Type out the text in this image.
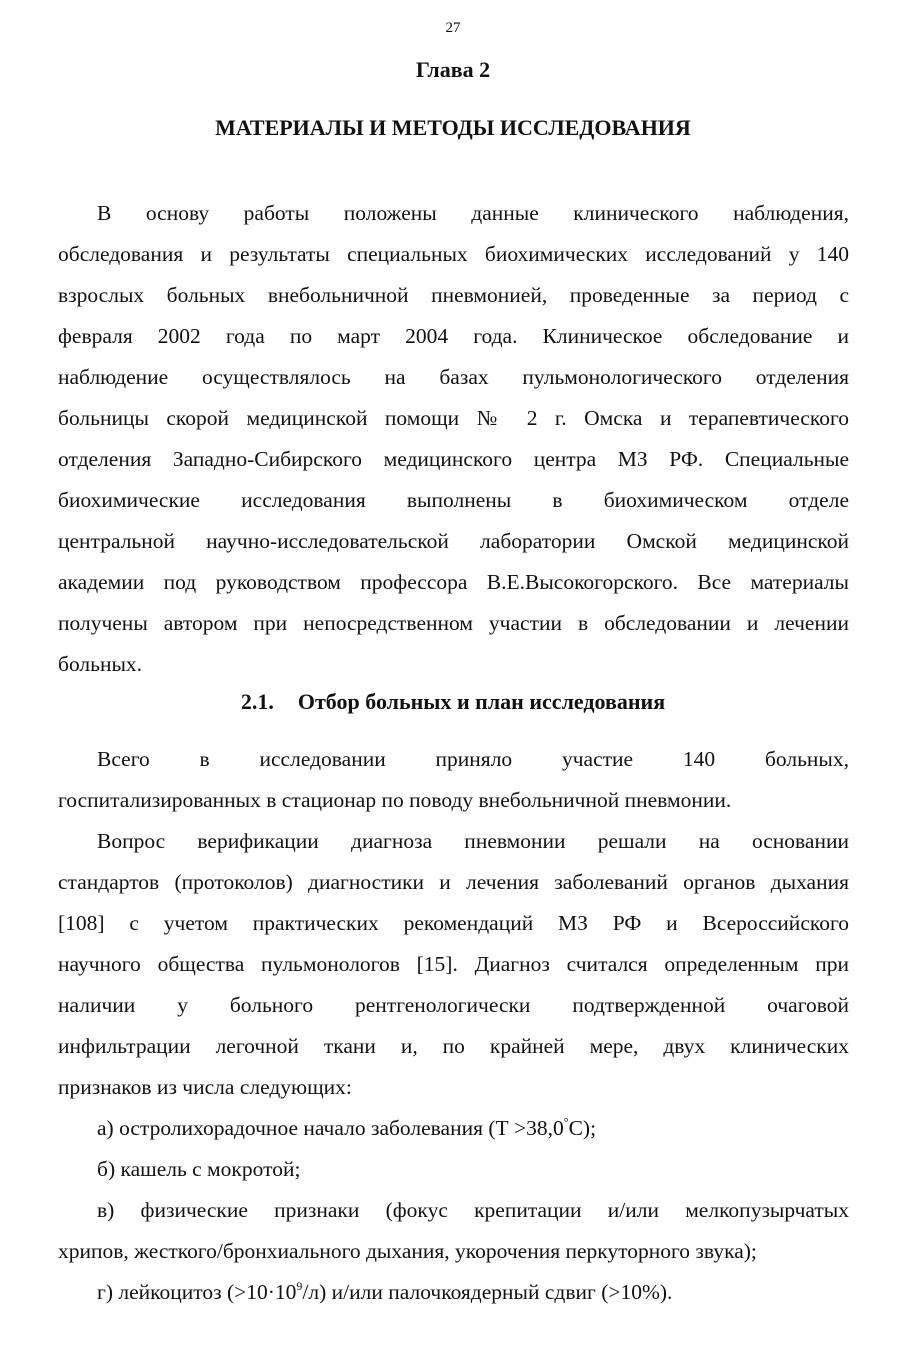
27
Глава 2
МАТЕРИАЛЫ И МЕТОДЫ ИССЛЕДОВАНИЯ
В основу работы положены данные клинического наблюдения,
обследования и результаты специальных биохимических исследований у 140
взрослых больных внебольничной пневмонией, проведенные за период с
февраля 2002 года по март 2004 года. Клиническое обследование и
наблюдение осуществлялось на базах пульмонологического отделения
больницы скорой медицинской помощи № 2 г. Омска и терапевтического
отделения Западно-Сибирского медицинского центра МЗ РФ. Специальные
биохимические исследования выполнены в биохимическом отделе
центральной научно-исследовательской лаборатории Омской медицинской
академии под руководством профессора В.Е.Высокогорского. Все материалы
получены автором при непосредственном участии в обследовании и лечении
больных.
2.1. Отбор больных и план исследования
Всего в исследовании приняло участие 140 больных,
госпитализированных в стационар по поводу внебольничной пневмонии.
Вопрос верификации диагноза пневмонии решали на основании
стандартов (протоколов) диагностики и лечения заболеваний органов дыхания
[108] с учетом практических рекомендаций МЗ РФ и Всероссийского
научного общества пульмонологов [15]. Диагноз считался определенным при
наличии у больного рентгенологически подтвержденной очаговой
инфильтрации легочной ткани и, по крайней мере, двух клинических
признаков из числа следующих:
а) остролихорадочное начало заболевания (Т >38,0°С);
б) кашель с мокротой;
в) физические признаки (фокус крепитации и/или мелкопузырчатых
хрипов, жесткого/бронхиального дыхания, укорочения перкуторного звука);
г) лейкоцитоз $(>10\cdot 10^9/л)$ и/или палочкоядерный сдвиг (>10%).
